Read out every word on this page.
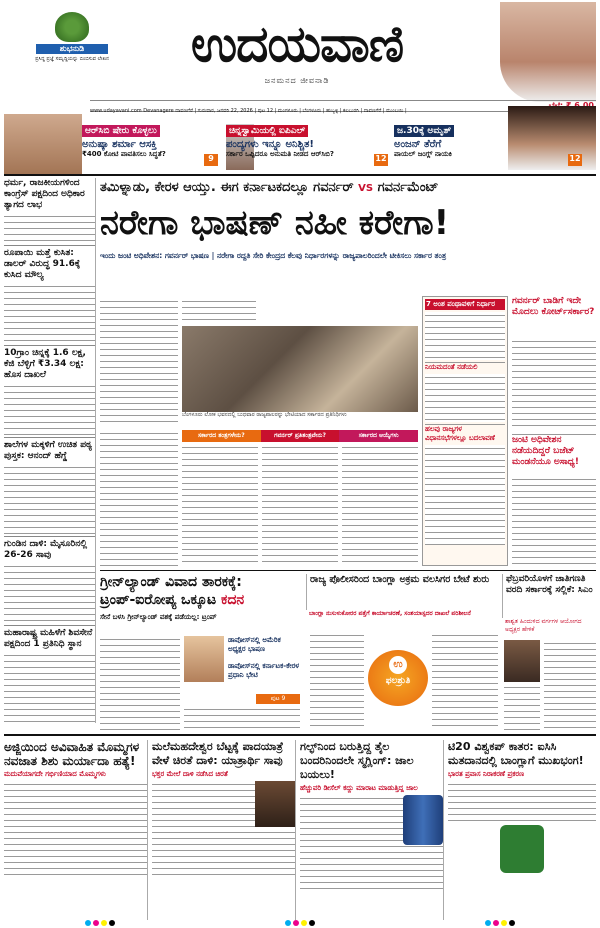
ಶುಭನುಡಿ
ಪ್ರಸಿದ್ಧ ಪ್ರಜ್ಞೆ ಸಮೃದ್ಧಿಯನ್ನು ಬಿಂಬಿಸುವ ಲೇಖನ	ಉದಯವಾಣಿ
ಜನಮನದ ಜೀವನಾಡಿ
www.udayavani.com Devanagere ದಾವಣಗೆರೆ | ಗುರುವಾರ, ಜನವರಿ 22, 2026 | ಪುಟ 12 | ಮಂಗಳೂರು | ಬೆಂಗಳೂರು | ಹುಬ್ಬಳ್ಳಿ | ಕಲಬುರಗಿ | ದಾವಣಗೆರೆ | ಮುಂಬಯಿ |
ಆರ್‌ಸಿಬಿ ಷೇರು ಕೊಳ್ಳಲು
ಅನುಷ್ಕಾ ಶರ್ಮಾ ಆಸಕ್ತಿ
₹400 ಕೋಟಿ ಪಾವತಿಸಲು ಸಿದ್ಧತೆ?	9
ಚಿನ್ನಸ್ವಾಮಿಯಲ್ಲಿ ಐಪಿಎಲ್
ಪಂದ್ಯಗಳು ಇನ್ನೂ ಅನಿಶ್ಚಿತ!
ಸರ್ಕಾರ ಒಪ್ಪಿದರೂ ಅನುಮತಿ ನೀಡದ ಆರ್‌ಸಿಬಿ?	12
ಜ.30ಕ್ಕೆ ಅಮೃತ್
ಅಂಜನ್ ತೆರೆಗೆ
ಪಾಯಲ್ ಜಂಗ್ಲ್ ನಾಯಕಿ	12
ಧರ್ಮ, ರಾಜಕೀಯಗಳಿಂದ ಕಾಂಗ್ರೆಸ್ ಪಕ್ಷದಿಂದ ಅಧಿಕಾರ ತ್ಯಾಗದ ಲಾಭ
ರೂಪಾಯಿ ಮತ್ತೆ ಕುಸಿತ: ಡಾಲರ್ ವಿರುದ್ಧ 91.6ಕ್ಕೆ ಕುಸಿದ ಮೌಲ್ಯ
10ಗ್ರಾಂ ಚಿನ್ನಕ್ಕೆ 1.6 ಲಕ್ಷ, ಕೆಜಿ ಬೆಳ್ಳಿಗೆ ₹3.34 ಲಕ್ಷ: ಹೊಸ ದಾಖಲೆ
ಶಾಲೆಗಳ ಮಕ್ಕಳಿಗೆ ಉಚಿತ ಪಠ್ಯ ಪುಸ್ತಕ: ಆನಂದ್ ಹೆಗ್ಡೆ
ಗುಂಡಿನ ದಾಳಿ: ಮೈಸೂರಿನಲ್ಲಿ 26-26 ಸಾವು
ಮಹಾರಾಷ್ಟ್ರ ಮಹಿಳೆಗೆ ಶಿವಸೇನೆ ಪಕ್ಷದಿಂದ 1 ಪ್ರತಿನಿಧಿ ಸ್ಥಾನ
ತಮಿಳ್ನಾಡು, ಕೇರಳ ಆಯ್ತು. ಈಗ ಕರ್ನಾಟಕದಲ್ಲೂ ಗವರ್ನರ್ VS ಗವರ್ನಮೆಂಟ್
ನರೇಗಾ ಭಾಷಣ್ ನಹೀ ಕರೇಗಾ!
ಇಂದು ಜಂಟಿ ಅಧಿವೇಶನ: ಗವರ್ನರ್ ಭಾಷಣ | ನರೇಗಾ ರದ್ದತಿ ಸೇರಿ ಕೇಂದ್ರದ ಕೆಲವು ನಿರ್ಧಾರಗಳನ್ನು ರಾಜ್ಯಪಾಲರಿಂದಲೇ ಟೀಕಿಸಲು ಸರ್ಕಾರ ತಂತ್ರ
ಬೆಂಗಳೂರು ಲೋಕ ಭವನದಲ್ಲಿ ಬುಧವಾರ ರಾಜ್ಯಪಾಲರನ್ನು ಭೇಟಿಯಾದ ಸರ್ಕಾರದ ಪ್ರತಿನಿಧಿಗಳು
ಸರ್ಕಾರದ ತಂತ್ರಗಳೇನು?	ಗವರ್ನರ್ ಪ್ರತಿತಂತ್ರವೇನು?	ಸರ್ಕಾರದ ಆಯ್ಕೆಗಳು
7 ಅಂಶ ಪಂಥಾವಳಿಗೆ ನಿರ್ಧಾರ
ನಿಯಮದಂತೆ ನಡೆಯಲಿ
ಹಲವು ರಾಜ್ಯಗಳ ವಿಧಾನಸಭೆಗಳಲ್ಲೂ ಬದಲಾವಣೆ
ಗವರ್ನರ್ ಬಾಡಿಗೆ ಇದೇ ಮೊದಲು ಕೋರ್ಟ್‌ಸರ್ಕಾರ?
ಜಂಟಿ ಅಧಿವೇಶನ ನಡೆಯದಿದ್ದರೆ ಬಜೆಟ್ ಮಂಡನೆಯೂ ಅಸಾಧ್ಯ!
ಗ್ರೀನ್‌ಲ್ಯಾಂಡ್ ವಿವಾದ ತಾರಕಕ್ಕೆ:
ಟ್ರಂಪ್-ಐರೋಪ್ಯ ಒಕ್ಕೂಟ ಕದನ
ಸೇನೆ ಬಳಸಿ ಗ್ರೀನ್‌ಲ್ಯಾಂಡ್ ವಶಕ್ಕೆ ಪಡೆಯಲ್ಲ: ಟ್ರಂಪ್
ಡಾವೋಸ್‌ನಲ್ಲಿ ಅಮೆರಿಕ ಅಧ್ಯಕ್ಷರ ಭಾಷಣ
ಡಾವೋಸ್‌ನಲ್ಲಿ ಕರ್ನಾಟಕ-ಕೇರಳ ಪ್ರಧಾನಿ ಭೇಟಿ
ಪುಟ 9
ರಾಜ್ಯ ಪೊಲೀಸರಿಂದ ಬಾಂಗ್ಲಾ ಅಕ್ರಮ ವಲಸಿಗರ ಬೇಟೆ ಶುರು
ಬಾಂಗ್ಲಾ ನುಸುಳುಕೋರರ ಪತ್ತೆಗೆ ಕಾರ್ಯಾಚರಣೆ, ಸಂಶಯಾಸ್ಪದರ ದಾಖಲೆ ಪರಿಶೀಲನೆ
ಉ
ಫಲಶ್ರುತಿ
ಫೆಬ್ರವರಿಯೊಳಗೆ ಜಾತಿಗಣತಿ ವರದಿ ಸರ್ಕಾರಕ್ಕೆ ಸಲ್ಲಿಕೆ: ಸಿಎಂ
ಶಾಶ್ವತ ಹಿಂದುಳಿದ ವರ್ಗಗಳ ಆಯೋಗದ ಅಧ್ಯಕ್ಷರ ಹೇಳಿಕೆ
ಅಜ್ಜಿಯಿಂದ ಅವಿವಾಹಿತ ಮೊಮ್ಮಗಳ ನವಜಾತ ಶಿಶು ಮರ್ಯಾದಾ ಹತ್ಯೆ!
ಮದುವೆಯಾಗದೇ ಗರ್ಭಿಣಿಯಾದ ಮೊಮ್ಮಗಳು
ಮಲೆಮಹದೇಶ್ವರ ಬೆಟ್ಟಕ್ಕೆ ಪಾದಯಾತ್ರೆ ವೇಳೆ ಚಿರತೆ ದಾಳಿ: ಯಾತ್ರಾರ್ಥಿ ಸಾವು
ಭಕ್ತರ ಮೇಲೆ ದಾಳಿ ನಡೆಸಿದ ಚಿರತೆ
ಗಲ್ಫ್‌ನಿಂದ ಬರುತ್ತಿದ್ದ ತೈಲ ಬಂದರಿನಿಂದಲೇ ಸ್ಮಗ್ಲಿಂಗ್: ಜಾಲ ಬಯಲು!
ಹೆಚ್ಚುವರಿ ಡೀಸೆಲ್ ಕದ್ದು ಮಾರಾಟ ಮಾಡುತ್ತಿದ್ದ ಜಾಲ
ಟಿ20 ವಿಶ್ವಕಪ್ ಕಾತರ: ಐಸಿಸಿ ಮತದಾನದಲ್ಲಿ ಬಾಂಗ್ಲಾಗೆ ಮುಖಭಂಗ!
ಭಾರತ ಪ್ರವಾಸ ನಿರಾಕರಣೆ ಪ್ರಕರಣ
